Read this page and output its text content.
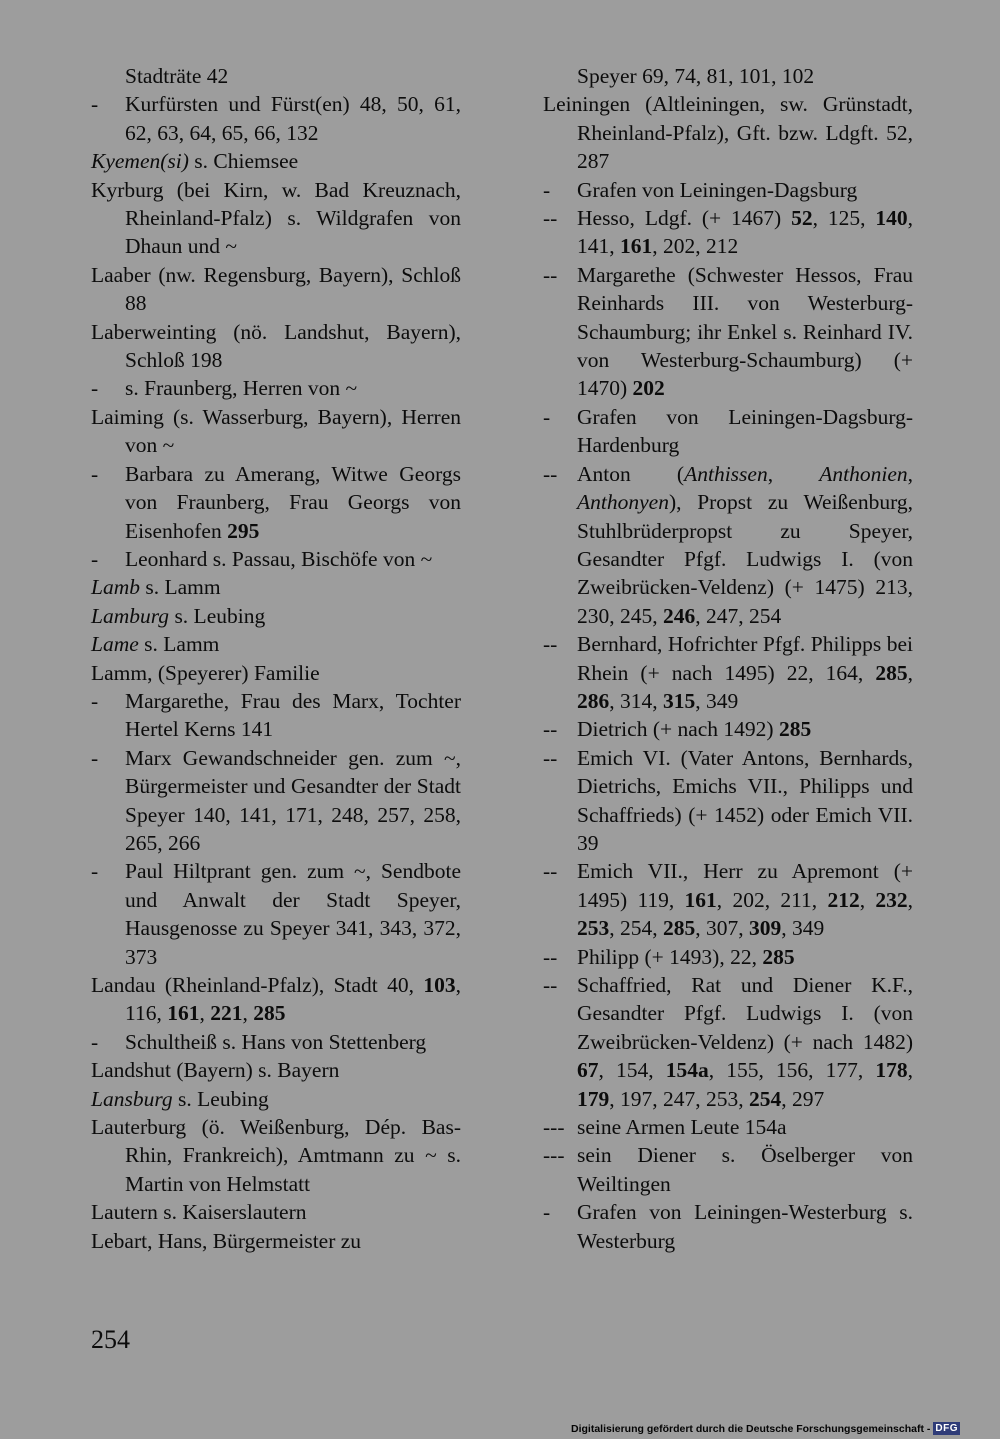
Stadträte 42
- Kurfürsten und Fürst(en) 48, 50, 61, 62, 63, 64, 65, 66, 132
Kyemen(si) s. Chiemsee
Kyrburg (bei Kirn, w. Bad Kreuznach, Rheinland-Pfalz) s. Wildgrafen von Dhaun und ~
Laaber (nw. Regensburg, Bayern), Schloß 88
Laberweinting (nö. Landshut, Bayern), Schloß 198
- s. Fraunberg, Herren von ~
Laiming (s. Wasserburg, Bayern), Herren von ~
- Barbara zu Amerang, Witwe Georgs von Fraunberg, Frau Georgs von Eisenhofen 295
- Leonhard s. Passau, Bischöfe von ~
Lamb s. Lamm
Lamburg s. Leubing
Lame s. Lamm
Lamm, (Speyerer) Familie
- Margarethe, Frau des Marx, Tochter Hertel Kerns 141
- Marx Gewandschneider gen. zum ~, Bürgermeister und Gesandter der Stadt Speyer 140, 141, 171, 248, 257, 258, 265, 266
- Paul Hiltprant gen. zum ~, Sendbote und Anwalt der Stadt Speyer, Hausgenosse zu Speyer 341, 343, 372, 373
Landau (Rheinland-Pfalz), Stadt 40, 103, 116, 161, 221, 285
- Schultheiß s. Hans von Stettenberg
Landshut (Bayern) s. Bayern
Lansburg s. Leubing
Lauterburg (ö. Weißenburg, Dép. Bas-Rhin, Frankreich), Amtmann zu ~ s. Martin von Helmstatt
Lautern s. Kaiserslautern
Lebart, Hans, Bürgermeister zu
Speyer 69, 74, 81, 101, 102
Leiningen (Altleiningen, sw. Grünstadt, Rheinland-Pfalz), Gft. bzw. Ldgft. 52, 287
- Grafen von Leiningen-Dagsburg
-- Hesso, Ldgf. (+ 1467) 52, 125, 140, 141, 161, 202, 212
-- Margarethe (Schwester Hessos, Frau Reinhards III. von Westerburg-Schaumburg; ihr Enkel s. Reinhard IV. von Westerburg-Schaumburg) (+ 1470) 202
- Grafen von Leiningen-Dagsburg-Hardenburg
-- Anton (Anthissen, Anthonien, Anthonyen), Propst zu Weißenburg, Stuhlbrüderpropst zu Speyer, Gesandter Pfgf. Ludwigs I. (von Zweibrücken-Veldenz) (+ 1475) 213, 230, 245, 246, 247, 254
-- Bernhard, Hofrichter Pfgf. Philipps bei Rhein (+ nach 1495) 22, 164, 285, 286, 314, 315, 349
-- Dietrich (+ nach 1492) 285
-- Emich VI. (Vater Antons, Bernhards, Dietrichs, Emichs VII., Philipps und Schaffrieds) (+ 1452) oder Emich VII. 39
-- Emich VII., Herr zu Apremont (+ 1495) 119, 161, 202, 211, 212, 232, 253, 254, 285, 307, 309, 349
-- Philipp (+ 1493), 22, 285
-- Schaffried, Rat und Diener K.F., Gesandter Pfgf. Ludwigs I. (von Zweibrücken-Veldenz) (+ nach 1482) 67, 154, 154a, 155, 156, 177, 178, 179, 197, 247, 253, 254, 297
--- seine Armen Leute 154a
--- sein Diener s. Öselberger von Weiltingen
- Grafen von Leiningen-Westerburg s. Westerburg
254
Digitalisierung gefördert durch die Deutsche Forschungsgemeinschaft - DFG
